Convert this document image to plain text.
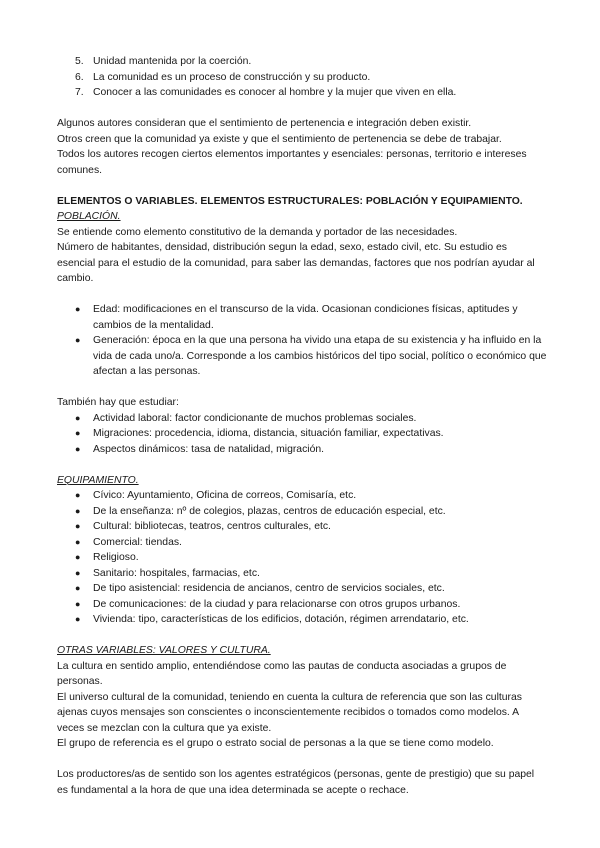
5. Unidad mantenida por la coerción.
6. La comunidad es un proceso de construcción y su producto.
7. Conocer a las comunidades es conocer al hombre y la mujer que viven en ella.

Algunos autores consideran que el sentimiento de pertenencia e integración deben existir.

Otros creen que la comunidad ya existe y que el sentimiento de pertenencia se debe de trabajar.

Todos los autores recogen ciertos elementos importantes y esenciales: personas, territorio e intereses comunes.

ELEMENTOS O VARIABLES. ELEMENTOS ESTRUCTURALES: POBLACIÓN Y EQUIPAMIENTO.

POBLACIÓN.

Se entiende como elemento constitutivo de la demanda y portador de las necesidades.

Número de habitantes, densidad, distribución segun la edad, sexo, estado civil, etc. Su estudio es esencial para el estudio de la comunidad, para saber las demandas, factores que nos podrían ayudar al cambio.

●	Edad: modificaciones en el transcurso de la vida. Ocasionan condiciones físicas, aptitudes y cambios de la mentalidad.
●	Generación: época en la que una persona ha vivido una etapa de su existencia y ha influido en la vida de cada uno/a. Corresponde a los cambios históricos del tipo social, político o económico que afectan a las personas.

También hay que estudiar:

●	Actividad laboral: factor condicionante de muchos problemas sociales.
●	Migraciones: procedencia, idioma, distancia, situación familiar, expectativas.
●	Aspectos dinámicos: tasa de natalidad, migración.

EQUIPAMIENTO.

●	Cívico: Ayuntamiento, Oficina de correos, Comisaría, etc.
●	De la enseñanza: nº de colegios, plazas, centros de educación especial, etc.
●	Cultural: bibliotecas, teatros, centros culturales, etc.
●	Comercial: tiendas.
●	Religioso.
●	Sanitario: hospitales, farmacias, etc.
●	De tipo asistencial: residencia de ancianos, centro de servicios sociales, etc.
●	De comunicaciones: de la ciudad y para relacionarse con otros grupos urbanos.
●	Vivienda: tipo, características de los edificios, dotación, régimen arrendatario, etc.

OTRAS VARIABLES: VALORES Y CULTURA.

La cultura en sentido amplio, entendiéndose como las pautas de conducta asociadas a grupos de personas.

El universo cultural de la comunidad, teniendo en cuenta la cultura de referencia que son las culturas ajenas cuyos mensajes son conscientes o inconscientemente recibidos o tomados como modelos. A veces se mezclan con la cultura que ya existe.

El grupo de referencia es el grupo o estrato social de personas a la que se tiene como modelo.

Los productores/as de sentido son los agentes estratégicos (personas, gente de prestigio) que su papel es fundamental a la hora de que una idea determinada se acepte o rechace.
